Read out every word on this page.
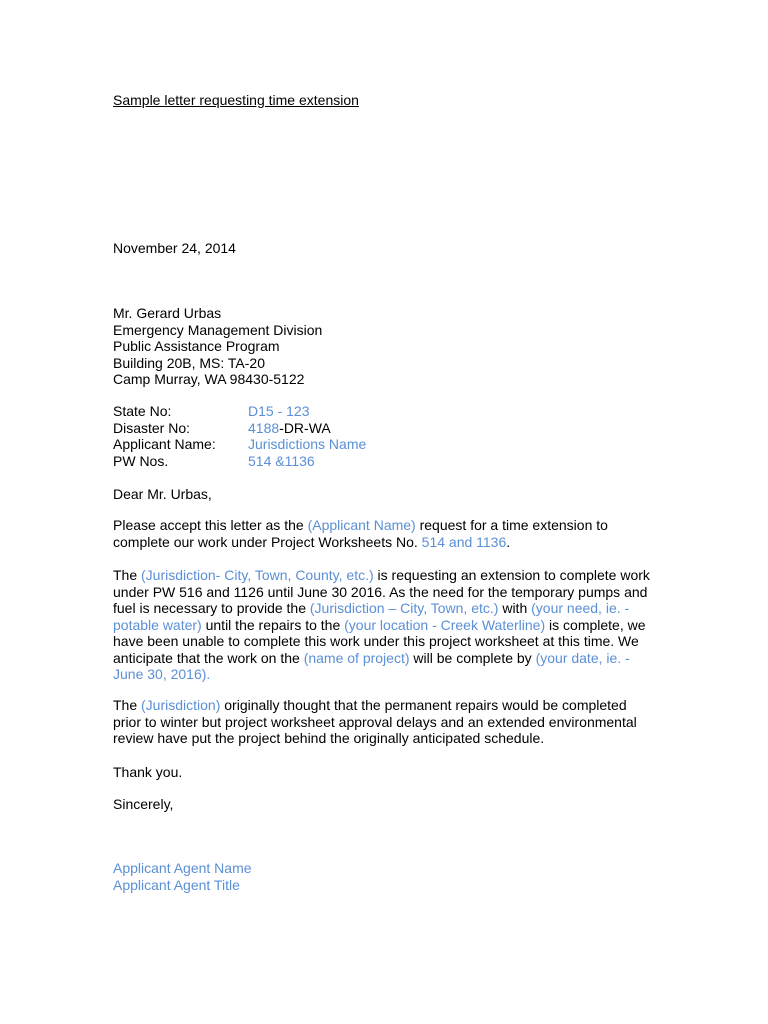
Sample letter requesting time extension
November 24, 2014
Mr. Gerard Urbas
Emergency Management Division
Public Assistance Program
Building 20B, MS: TA-20
Camp Murray, WA 98430-5122
State No:	D15 - 123
Disaster No:	4188-DR-WA
Applicant Name: Jurisdictions Name
PW Nos.	514 &1136
Dear Mr. Urbas,

Please accept this letter as the (Applicant Name) request for a time extension to complete our work under Project Worksheets No. 514 and 1136.

The (Jurisdiction- City, Town, County, etc.) is requesting an extension to complete work under PW 516 and 1126 until June 30 2016. As the need for the temporary pumps and fuel is necessary to provide the (Jurisdiction – City, Town, etc.) with (your need, ie. - potable water) until the repairs to the (your location - Creek Waterline) is complete, we have been unable to complete this work under this project worksheet at this time. We anticipate that the work on the (name of project) will be complete by (your date, ie. - June 30, 2016).

The (Jurisdiction) originally thought that the permanent repairs would be completed prior to winter but project worksheet approval delays and an extended environmental review have put the project behind the originally anticipated schedule.

Thank you.
Sincerely,
Applicant Agent Name
Applicant Agent Title
